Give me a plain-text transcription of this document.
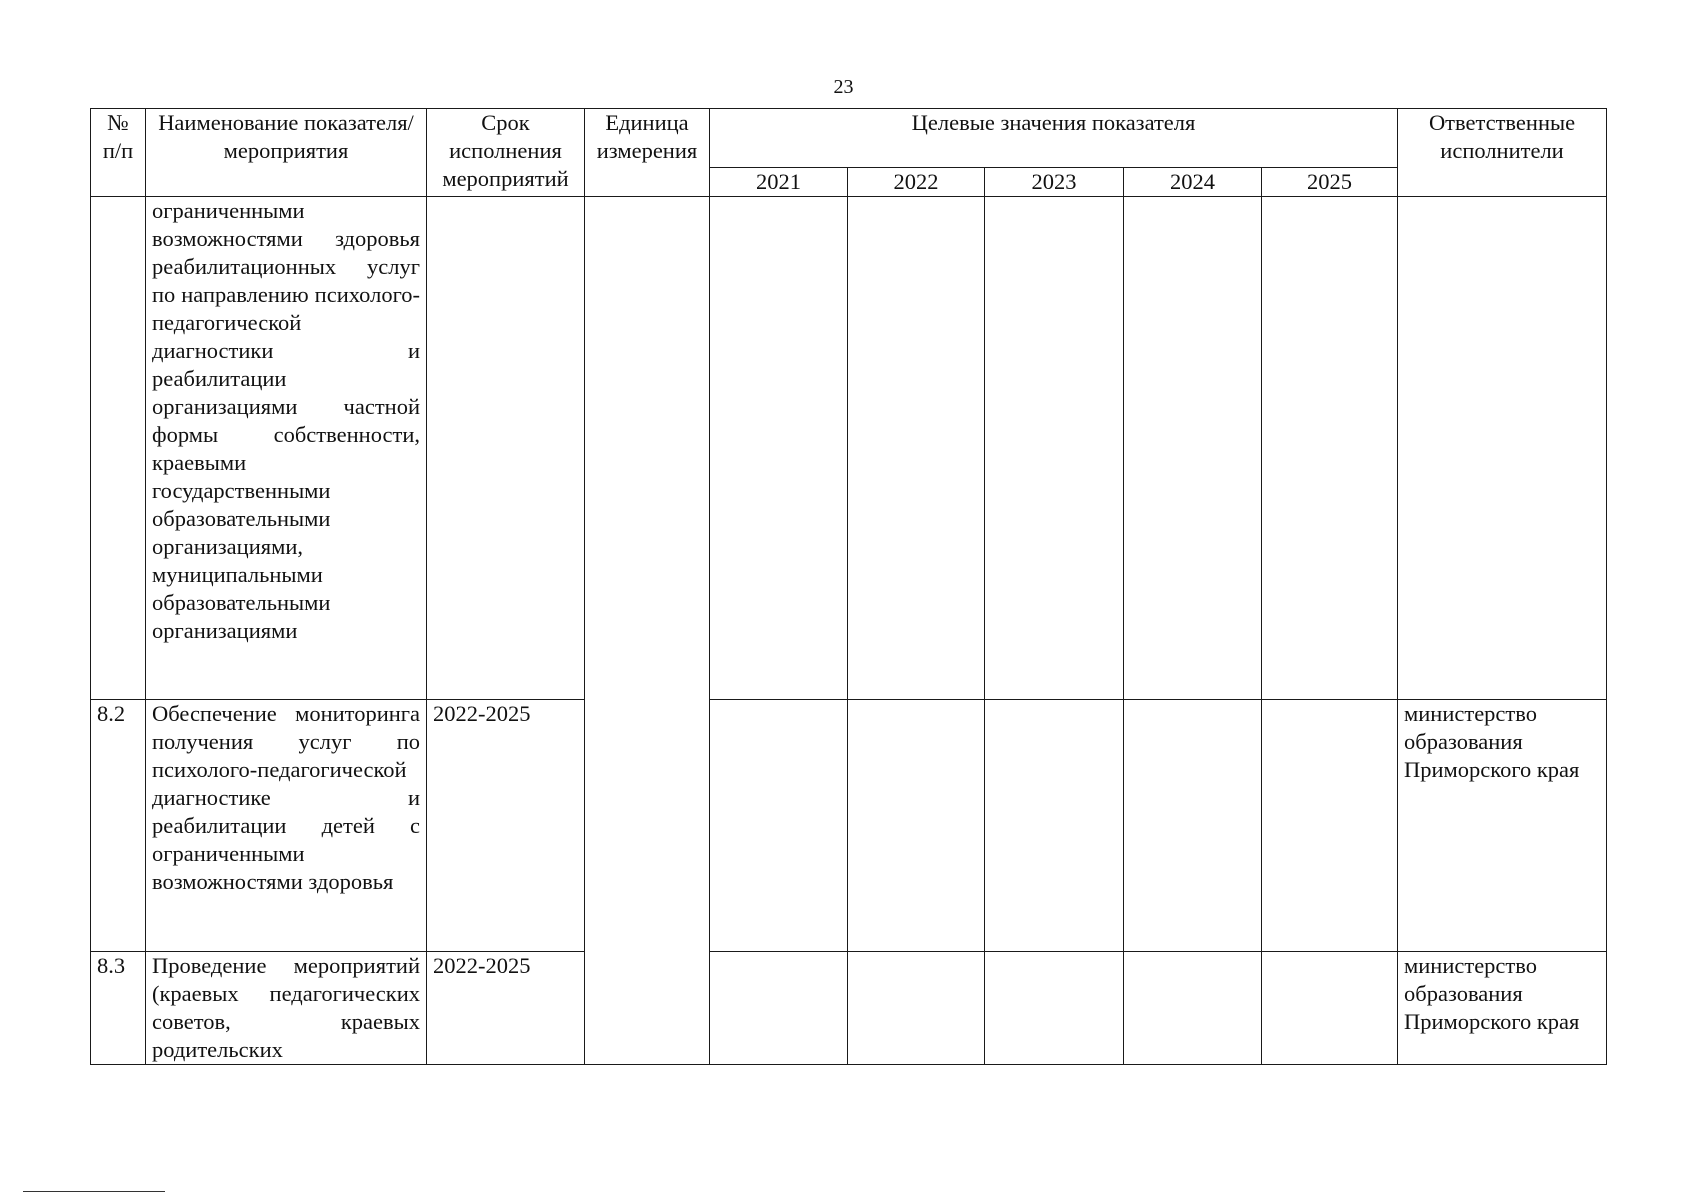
23
№ п/п	Наименование показателя/мероприятия	Срок исполнения мероприятий	Единица измерения	Целевые значения показателя					Ответственные исполнители
				2021	2022	2023	2024	2025	
	ограниченными возможностями здоровья реабилитационных услуг по направлению психолого-педагогической диагностики и реабилитации организациями частной формы собственности, краевыми государственными образовательными организациями, муниципальными образовательными организациями								
8.2	Обеспечение мониторинга получения услуг по психолого-педагогической диагностике и реабилитации детей с ограниченными возможностями здоровья	2022-2025							министерство образования Приморского края
8.3	Проведение мероприятий (краевых педагогических советов, краевых родительских	2022-2025							министерство образования Приморского края
